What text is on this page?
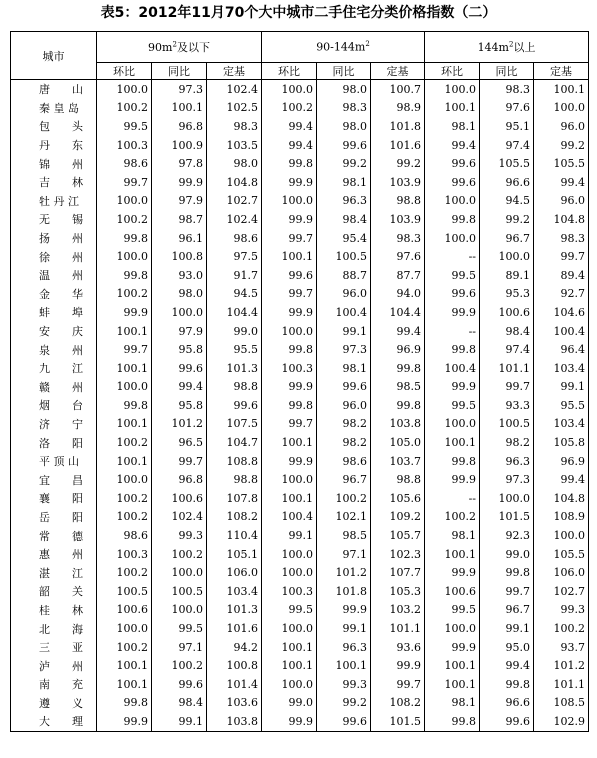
表5：2012年11月70个大中城市二手住宅分类价格指数（二）
城市	$90m^2$及以下			$90-144m^2$			$144m^2$以上		
	环比	同比	定基	环比	同比	定基	环比	同比	定基
唐　　山	100.0	97.3	102.4	100.0	98.0	100.7	100.0	98.3	100.1
秦 皇 岛	100.2	100.1	102.5	100.2	98.3	98.9	100.1	97.6	100.0
包　　头	99.5	96.8	98.3	99.4	98.0	101.8	98.1	95.1	96.0
丹　　东	100.3	100.9	103.5	99.4	99.6	101.6	99.4	97.4	99.2
锦　　州	98.6	97.8	98.0	99.8	99.2	99.2	99.6	105.5	105.5
吉　　林	99.7	99.9	104.8	99.9	98.1	103.9	99.6	96.6	99.4
牡 丹 江	100.0	97.9	102.7	100.0	96.3	98.8	100.0	94.5	96.0
无　　锡	100.2	98.7	102.4	99.9	98.4	103.9	99.8	99.2	104.8
扬　　州	99.8	96.1	98.6	99.7	95.4	98.3	100.0	96.7	98.3
徐　　州	100.0	100.8	97.5	100.1	100.5	97.6	--	100.0	99.7
温　　州	99.8	93.0	91.7	99.6	88.7	87.7	99.5	89.1	89.4
金　　华	100.2	98.0	94.5	99.7	96.0	94.0	99.6	95.3	92.7
蚌　　埠	99.9	100.0	104.4	99.9	100.4	104.4	99.9	100.6	104.6
安　　庆	100.1	97.9	99.0	100.0	99.1	99.4	--	98.4	100.4
泉　　州	99.7	95.8	95.5	99.8	97.3	96.9	99.8	97.4	96.4
九　　江	100.1	99.6	101.3	100.3	98.1	99.8	100.4	101.1	103.4
赣　　州	100.0	99.4	98.8	99.9	99.6	98.5	99.9	99.7	99.1
烟　　台	99.8	95.8	99.6	99.8	96.0	99.8	99.5	93.3	95.5
济　　宁	100.1	101.2	107.5	99.7	98.2	103.8	100.0	100.5	103.4
洛　　阳	100.2	96.5	104.7	100.1	98.2	105.0	100.1	98.2	105.8
平 顶 山	100.1	99.7	108.8	99.9	98.6	103.7	99.8	96.3	96.9
宜　　昌	100.0	96.8	98.8	100.0	96.7	98.8	99.9	97.3	99.4
襄　　阳	100.2	100.6	107.8	100.1	100.2	105.6	--	100.0	104.8
岳　　阳	100.2	102.4	108.2	100.4	102.1	109.2	100.2	101.5	108.9
常　　德	98.6	99.3	110.4	99.1	98.5	105.7	98.1	92.3	100.0
惠　　州	100.3	100.2	105.1	100.0	97.1	102.3	100.1	99.0	105.5
湛　　江	100.2	100.0	106.0	100.0	101.2	107.7	99.9	99.8	106.0
韶　　关	100.5	100.5	103.4	100.3	101.8	105.3	100.6	99.7	102.7
桂　　林	100.6	100.0	101.3	99.5	99.9	103.2	99.5	96.7	99.3
北　　海	100.0	99.5	101.6	100.0	99.1	101.1	100.0	99.1	100.2
三　　亚	100.2	97.1	94.2	100.1	96.3	93.6	99.9	95.0	93.7
泸　　州	100.1	100.2	100.8	100.1	100.1	99.9	100.1	99.4	101.2
南　　充	100.1	99.6	101.4	100.0	99.3	99.7	100.1	99.8	101.1
遵　　义	99.8	98.4	103.6	99.0	99.2	108.2	98.1	96.6	108.5
大　　理	99.9	99.1	103.8	99.9	99.6	101.5	99.8	99.6	102.9
